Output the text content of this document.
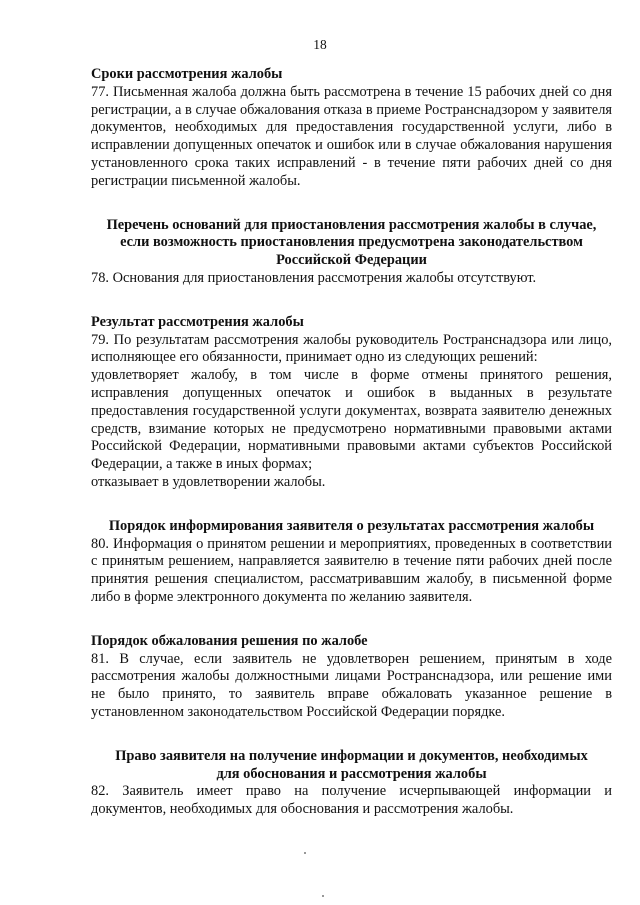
18

Сроки рассмотрения жалобы

77. Письменная жалоба должна быть рассмотрена в течение 15 рабочих дней со дня регистрации, а в случае обжалования отказа в приеме Ространснадзором у заявителя документов, необходимых для предоставления государственной услуги, либо в исправлении допущенных опечаток и ошибок или в случае обжалования нарушения установленного срока таких исправлений - в течение пяти рабочих дней со дня регистрации письменной жалобы.

Перечень оснований для приостановления рассмотрения жалобы в случае,

если возможность приостановления предусмотрена законодательством

Российской Федерации

78. Основания для приостановления рассмотрения жалобы отсутствуют.

Результат рассмотрения жалобы

79. По результатам рассмотрения жалобы руководитель Ространснадзора или лицо, исполняющее его обязанности, принимает одно из следующих решений:

удовлетворяет жалобу, в том числе в форме отмены принятого решения, исправления допущенных опечаток и ошибок в выданных в результате предоставления государственной услуги документах, возврата заявителю денежных средств, взимание которых не предусмотрено нормативными правовыми актами Российской Федерации, нормативными правовыми актами субъектов Российской Федерации, а также в иных формах;

отказывает в удовлетворении жалобы.

Порядок информирования заявителя о результатах рассмотрения жалобы

80. Информация о принятом решении и мероприятиях, проведенных в соответствии с принятым решением, направляется заявителю в течение пяти рабочих дней после принятия решения специалистом, рассматривавшим жалобу, в письменной форме либо в форме электронного документа по желанию заявителя.

Порядок обжалования решения по жалобе

81. В случае, если заявитель не удовлетворен решением, принятым в ходе рассмотрения жалобы должностными лицами Ространснадзора, или решение ими не было принято, то заявитель вправе обжаловать указанное решение в установленном законодательством Российской Федерации порядке.

Право заявителя на получение информации и документов, необходимых

для обоснования и рассмотрения жалобы

82. Заявитель имеет право на получение исчерпывающей информации и документов, необходимых для обоснования и рассмотрения жалобы.
